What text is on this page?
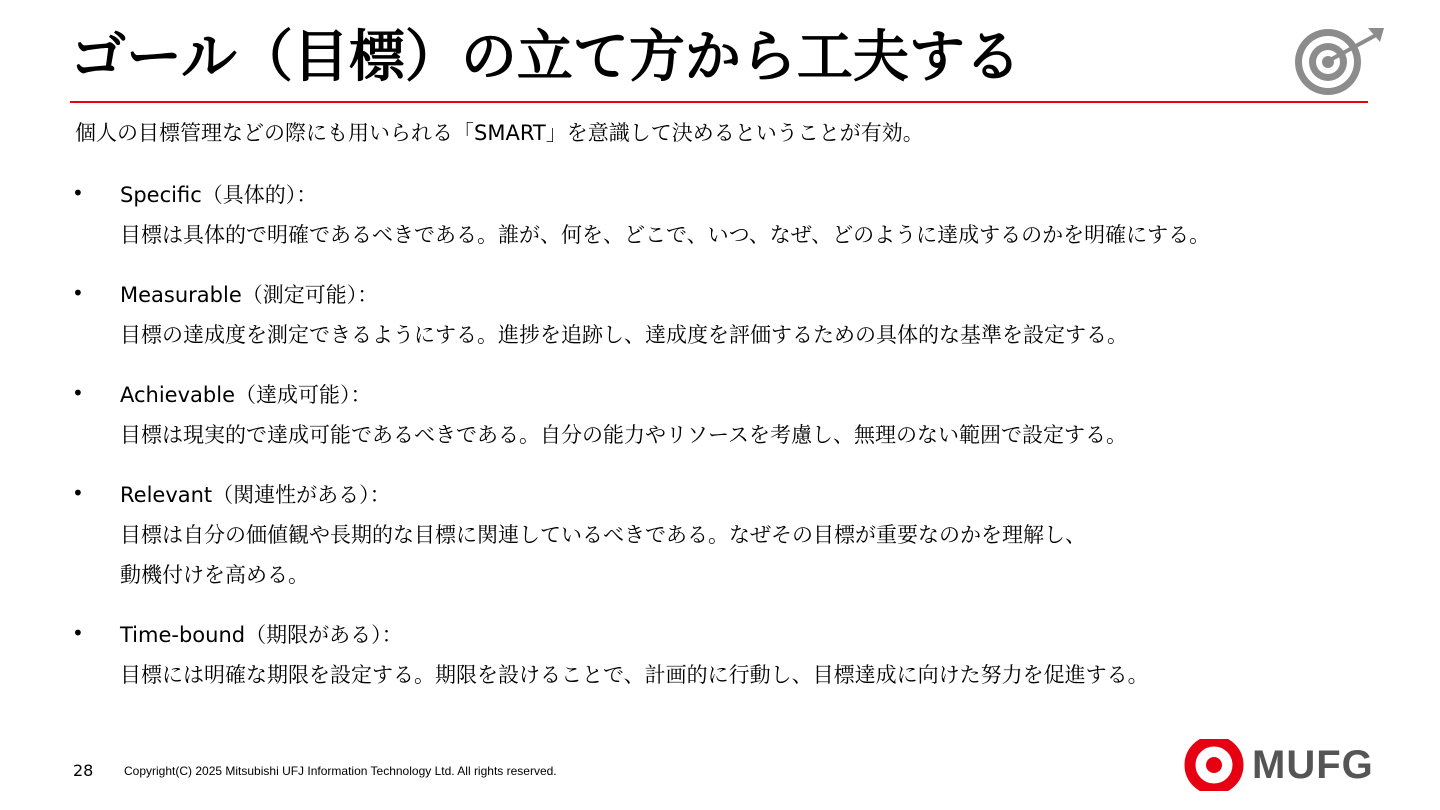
ゴール（目標）の立て方から工夫する

個人の目標管理などの際にも用いられる「SMART」を意識して決めるということが有効。

• Specific（具体的）：
目標は具体的で明確であるべきである。誰が、何を、どこで、いつ、なぜ、どのように達成するのかを明確にする。
• Measurable（測定可能）：
目標の達成度を測定できるようにする。進捗を追跡し、達成度を評価するための具体的な基準を設定する。
• Achievable（達成可能）：
目標は現実的で達成可能であるべきである。自分の能力やリソースを考慮し、無理のない範囲で設定する。
• Relevant（関連性がある）：
目標は自分の価値観や長期的な目標に関連しているべきである。なぜその目標が重要なのかを理解し、
動機付けを高める。
• Time-bound（期限がある）：
目標には明確な期限を設定する。期限を設けることで、計画的に行動し、目標達成に向けた努力を促進する。
28	Copyright(C) 2025 Mitsubishi UFJ Information Technology Ltd. All rights reserved.	MUFG
